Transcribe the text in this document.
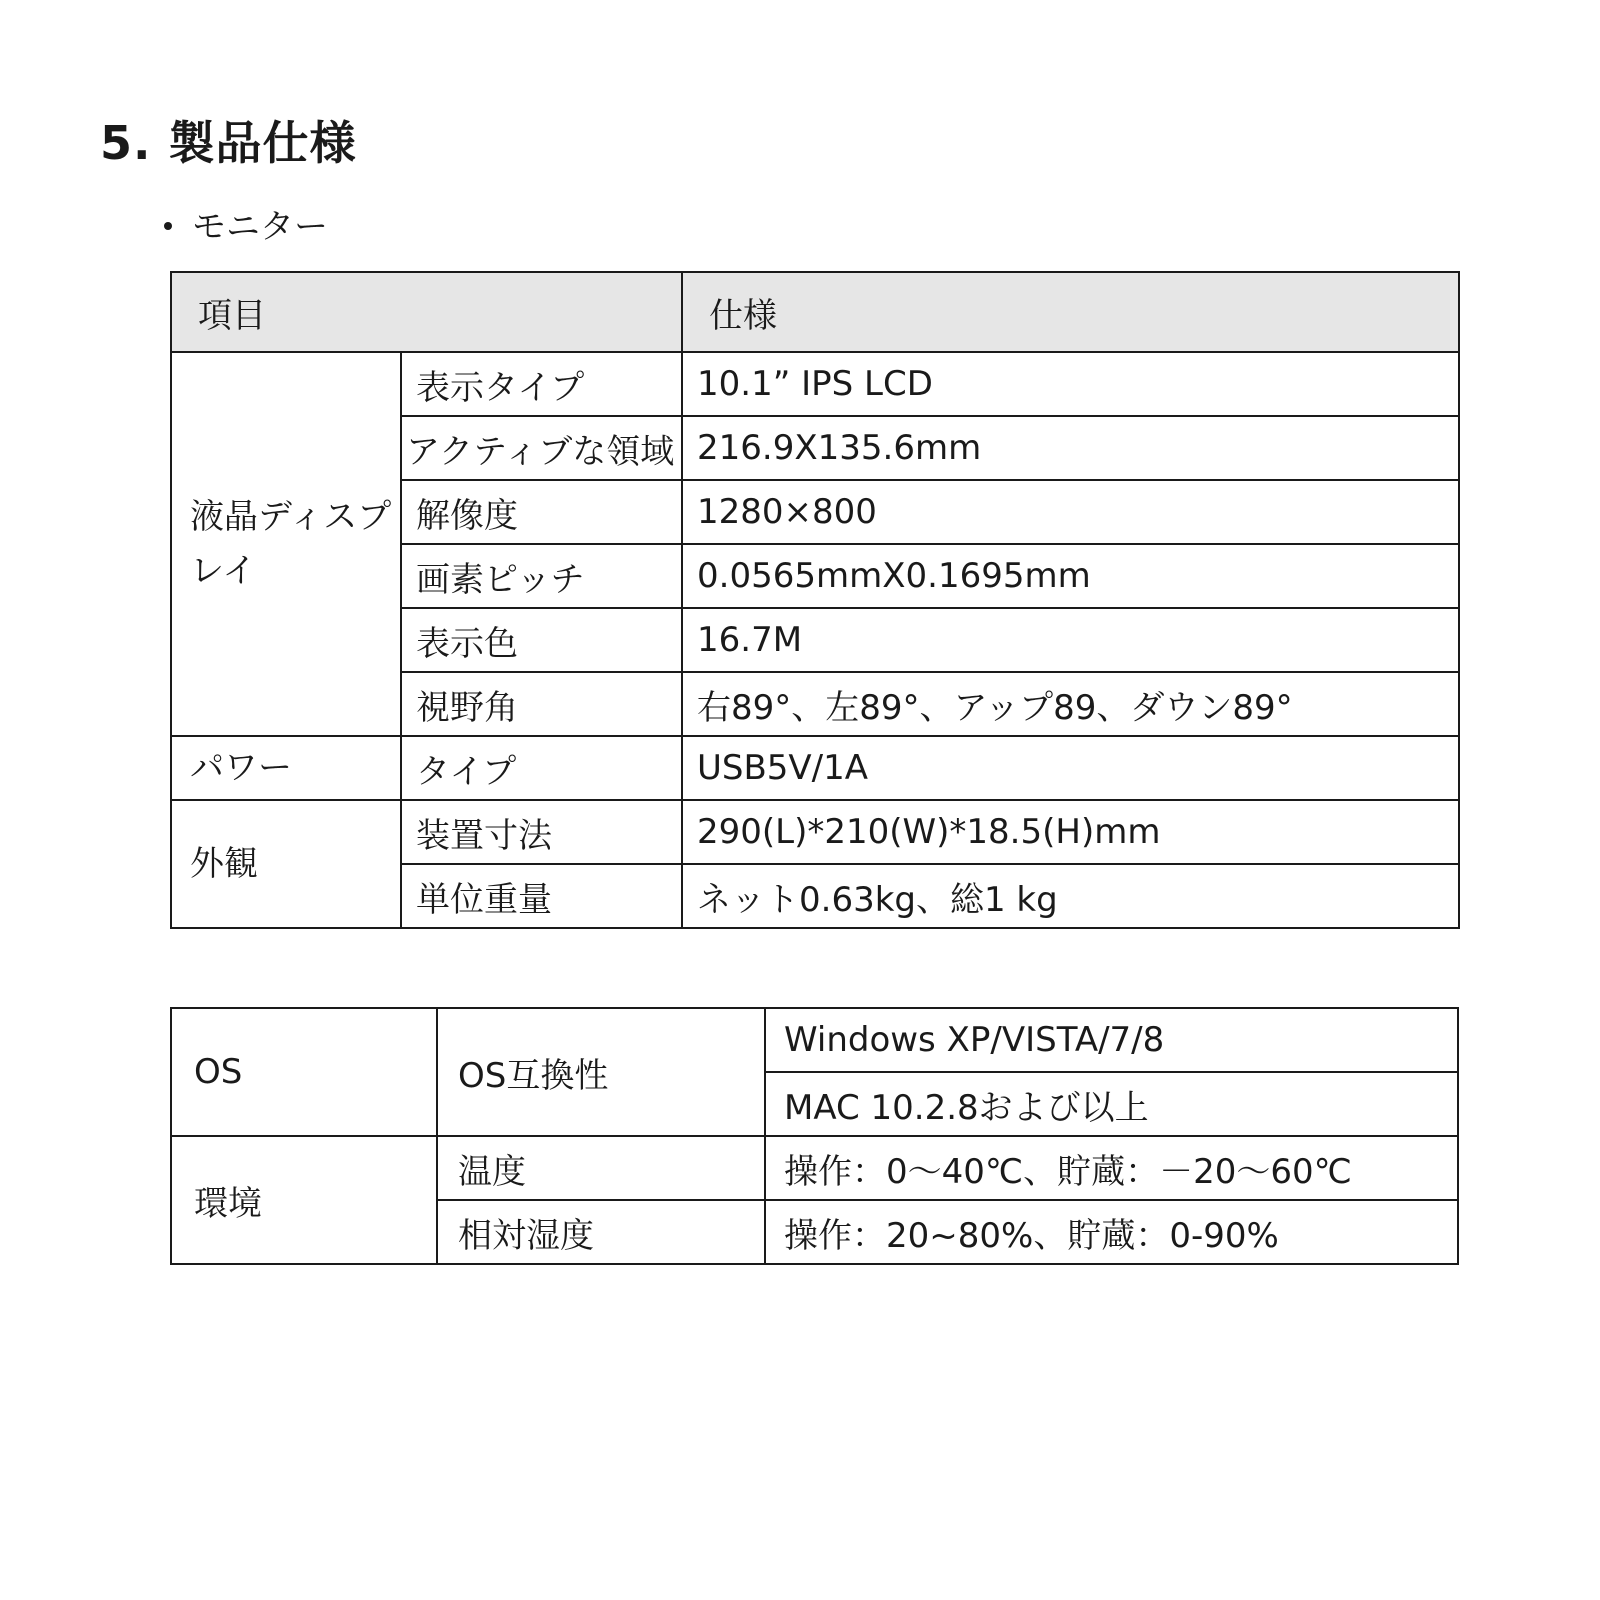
5. 製品仕様

モニター

項目		仕様
液晶ディスプレイ	表示タイプ	10.1” IPS LCD
	アクティブな領域	216.9X135.6mm
	解像度	1280×800
	画素ピッチ	0.0565mmX0.1695mm
	表示色	16.7M
	視野角	右89°、左89°、アップ89、ダウン89°
パワー	タイプ	USB5V/1A
外観	装置寸法	290(L)*210(W)*18.5(H)mm
	単位重量	ネット0.63kg、総1 kg
OS	OS互換性	Windows XP/VISTA/7/8
		MAC 10.2.8および以上
環境	温度	操作：0～40℃、貯蔵：－20～60℃
	相対湿度	操作：20~80%、貯蔵：0-90%
